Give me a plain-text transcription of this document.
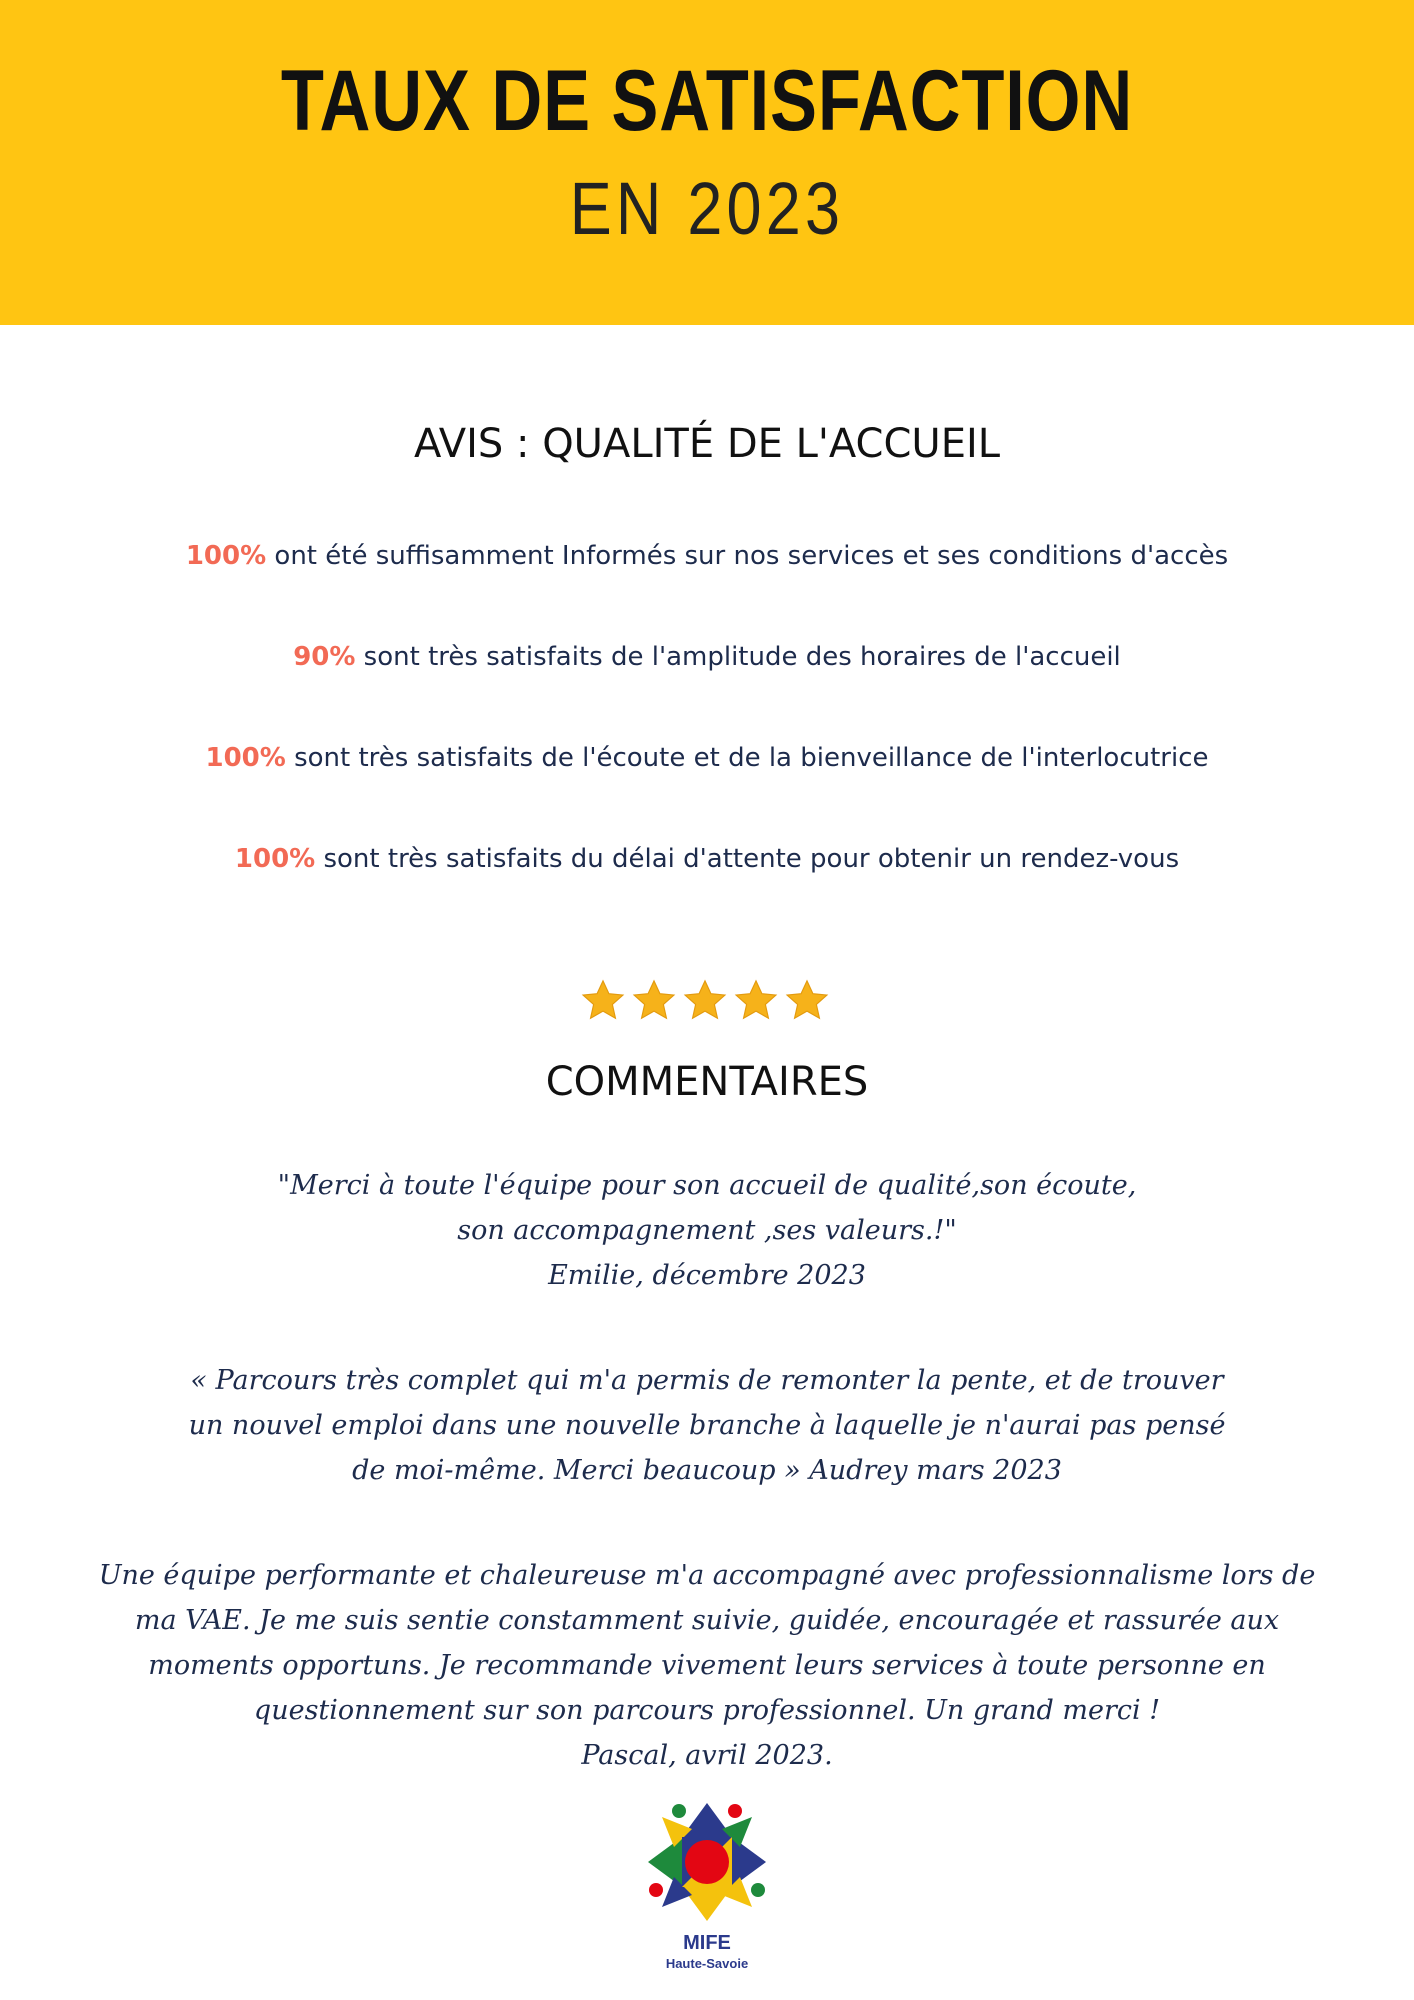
TAUX DE SATISFACTION
EN 2023
AVIS : QUALITÉ DE L'ACCUEIL
100% ont été suffisamment Informés sur nos services et ses conditions d'accès
90% sont très satisfaits de l'amplitude des horaires de l'accueil
100% sont très satisfaits de l'écoute et de la bienveillance de l'interlocutrice
100% sont très satisfaits du délai d'attente pour obtenir un rendez-vous
COMMENTAIRES
"Merci à toute l'équipe pour son accueil de qualité,son écoute,
son accompagnement ,ses valeurs.!"
Emilie, décembre 2023
« Parcours très complet qui m'a permis de remonter la pente, et de trouver
un nouvel emploi dans une nouvelle branche à laquelle je n'aurai pas pensé
de moi-même. Merci beaucoup » Audrey mars 2023
Une équipe performante et chaleureuse m'a accompagné avec professionnalisme lors de
ma VAE. Je me suis sentie constamment suivie, guidée, encouragée et rassurée aux
moments opportuns. Je recommande vivement leurs services à toute personne en
questionnement sur son parcours professionnel. Un grand merci !
Pascal, avril 2023.
MIFE
Haute-Savoie
